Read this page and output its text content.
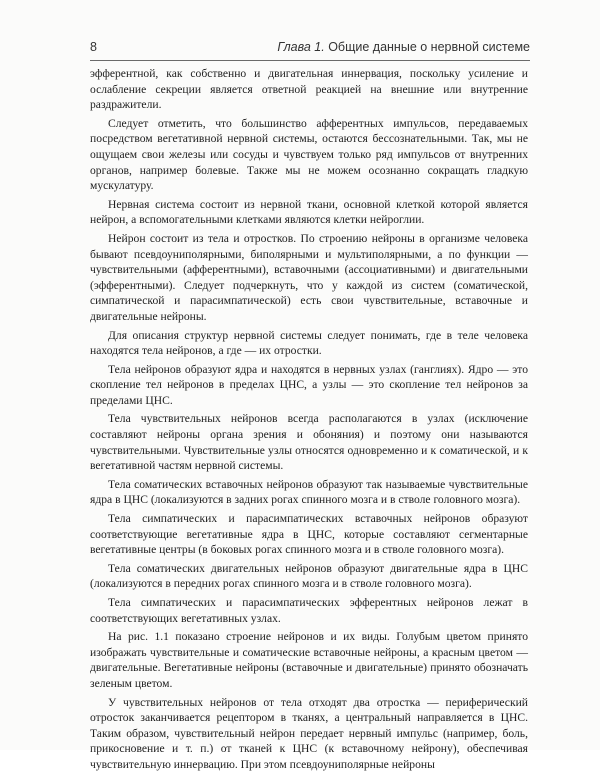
8	Глава 1. Общие данные о нервной системе

эфферентной, как собственно и двигательная иннервация, поскольку усиление и ослабление секреции является ответной реакцией на внешние или внутренние раздражители.

Следует отметить, что большинство афферентных импульсов, передаваемых посредством вегетативной нервной системы, остаются бессознательными. Так, мы не ощущаем свои железы или сосуды и чувствуем только ряд импульсов от внутренних органов, например болевые. Также мы не можем осознанно сокращать гладкую мускулатуру.

Нервная система состоит из нервной ткани, основной клеткой которой является нейрон, а вспомогательными клетками являются клетки нейроглии.

Нейрон состоит из тела и отростков. По строению нейроны в организме человека бывают псевдоуниполярными, биполярными и мультиполярными, а по функции — чувствительными (афферентными), вставочными (ассоциативными) и двигательными (эфферентными). Следует подчеркнуть, что у каждой из систем (соматической, симпатической и парасимпатической) есть свои чувствительные, вставочные и двигательные нейроны.

Для описания структур нервной системы следует понимать, где в теле человека находятся тела нейронов, а где — их отростки.

Тела нейронов образуют ядра и находятся в нервных узлах (ганглиях). Ядро — это скопление тел нейронов в пределах ЦНС, а узлы — это скопление тел нейронов за пределами ЦНС.

Тела чувствительных нейронов всегда располагаются в узлах (исключение составляют нейроны органа зрения и обоняния) и поэтому они называются чувствительными. Чувствительные узлы относятся одновременно и к соматической, и к вегетативной частям нервной системы.

Тела соматических вставочных нейронов образуют так называемые чувствительные ядра в ЦНС (локализуются в задних рогах спинного мозга и в стволе головного мозга).

Тела симпатических и парасимпатических вставочных нейронов образуют соответствующие вегетативные ядра в ЦНС, которые составляют сегментарные вегетативные центры (в боковых рогах спинного мозга и в стволе головного мозга).

Тела соматических двигательных нейронов образуют двигательные ядра в ЦНС (локализуются в передних рогах спинного мозга и в стволе головного мозга).

Тела симпатических и парасимпатических эфферентных нейронов лежат в соответствующих вегетативных узлах.

На рис. 1.1 показано строение нейронов и их виды. Голубым цветом принято изображать чувствительные и соматические вставочные нейроны, а красным цветом — двигательные. Вегетативные нейроны (вставочные и двигательные) принято обозначать зеленым цветом.

У чувствительных нейронов от тела отходят два отростка — периферический отросток заканчивается рецептором в тканях, а центральный направляется в ЦНС. Таким образом, чувствительный нейрон передает нервный импульс (например, боль, прикосновение и т. п.) от тканей к ЦНС (к вставочному нейрону), обеспечивая чувствительную иннервацию. При этом псевдоуниполярные нейроны
